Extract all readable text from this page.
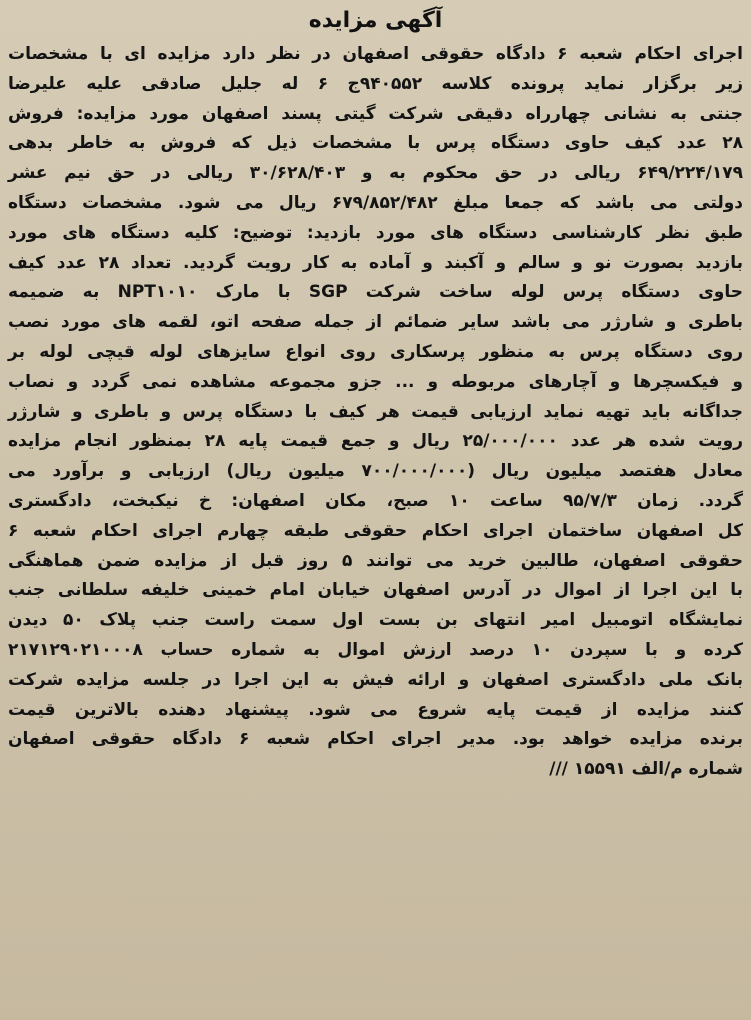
آگهی مزایده
اجرای احکام شعبه ۶ دادگاه حقوقی اصفهان در نظر دارد مزایده ای با مشخصات
زیر برگزار نماید پرونده کلاسه ۹۴۰۵۵۲ج ۶ له جلیل صادقی علیه علیرضا
جنتی به نشانی چهارراه دقیقی شرکت گیتی پسند اصفهان مورد مزایده: فروش
۲۸ عدد کیف حاوی دستگاه پرس با مشخصات ذیل که فروش به خاطر بدهی
۶۴۹/۲۲۴/۱۷۹ ریالی در حق محکوم به و ۳۰/۶۲۸/۴۰۳ ریالی در حق نیم عشر
دولتی می باشد که جمعا مبلغ ۶۷۹/۸۵۲/۴۸۲ ریال می شود. مشخصات دستگاه
طبق نظر کارشناسی دستگاه های مورد بازدید: توضیح: کلیه دستگاه های مورد
بازدید بصورت نو و سالم و آکبند و آماده به کار رویت گردید. تعداد ۲۸ عدد کیف
حاوی دستگاه پرس لوله ساخت شرکت SGP با مارک NPT۱۰۱۰ به ضمیمه
باطری و شارژر می باشد سایر ضمائم از جمله صفحه اتو، لقمه های مورد نصب
روی دستگاه پرس به منظور پرسکاری روی انواع سایزهای لوله قیچی لوله بر
و فیکسچرها و آچارهای مربوطه و ... جزو مجموعه مشاهده نمی گردد و نصاب
جداگانه باید تهیه نماید ارزیابی قیمت هر کیف با دستگاه پرس و باطری و شارژر
رویت شده هر عدد ۲۵/۰۰۰/۰۰۰ ریال و جمع قیمت پایه ۲۸ بمنظور انجام مزایده
معادل هفتصد میلیون ریال (۷۰۰/۰۰۰/۰۰۰ میلیون ریال) ارزیابی و برآورد می
گردد. زمان ۹۵/۷/۳ ساعت ۱۰ صبح، مکان اصفهان: خ نیکبخت، دادگستری
کل اصفهان ساختمان اجرای احکام حقوقی طبقه چهارم اجرای احکام شعبه ۶
حقوقی اصفهان، طالبین خرید می توانند ۵ روز قبل از مزایده ضمن هماهنگی
با این اجرا از اموال در آدرس اصفهان خیابان امام خمینی خلیفه سلطانی جنب
نمایشگاه اتومبیل امیر انتهای بن بست اول سمت راست جنب پلاک ۵۰ دیدن
کرده و با سپردن ۱۰ درصد ارزش اموال به شماره حساب ۲۱۷۱۲۹۰۲۱۰۰۰۸
بانک ملی دادگستری اصفهان و ارائه فیش به این اجرا در جلسه مزایده شرکت
کنند مزایده از قیمت پایه شروع می شود. پیشنهاد دهنده بالاترین قیمت
برنده مزایده خواهد بود. مدیر اجرای احکام شعبه ۶ دادگاه حقوقی اصفهان
شماره م/الف ۱۵۵۹۱ ///
